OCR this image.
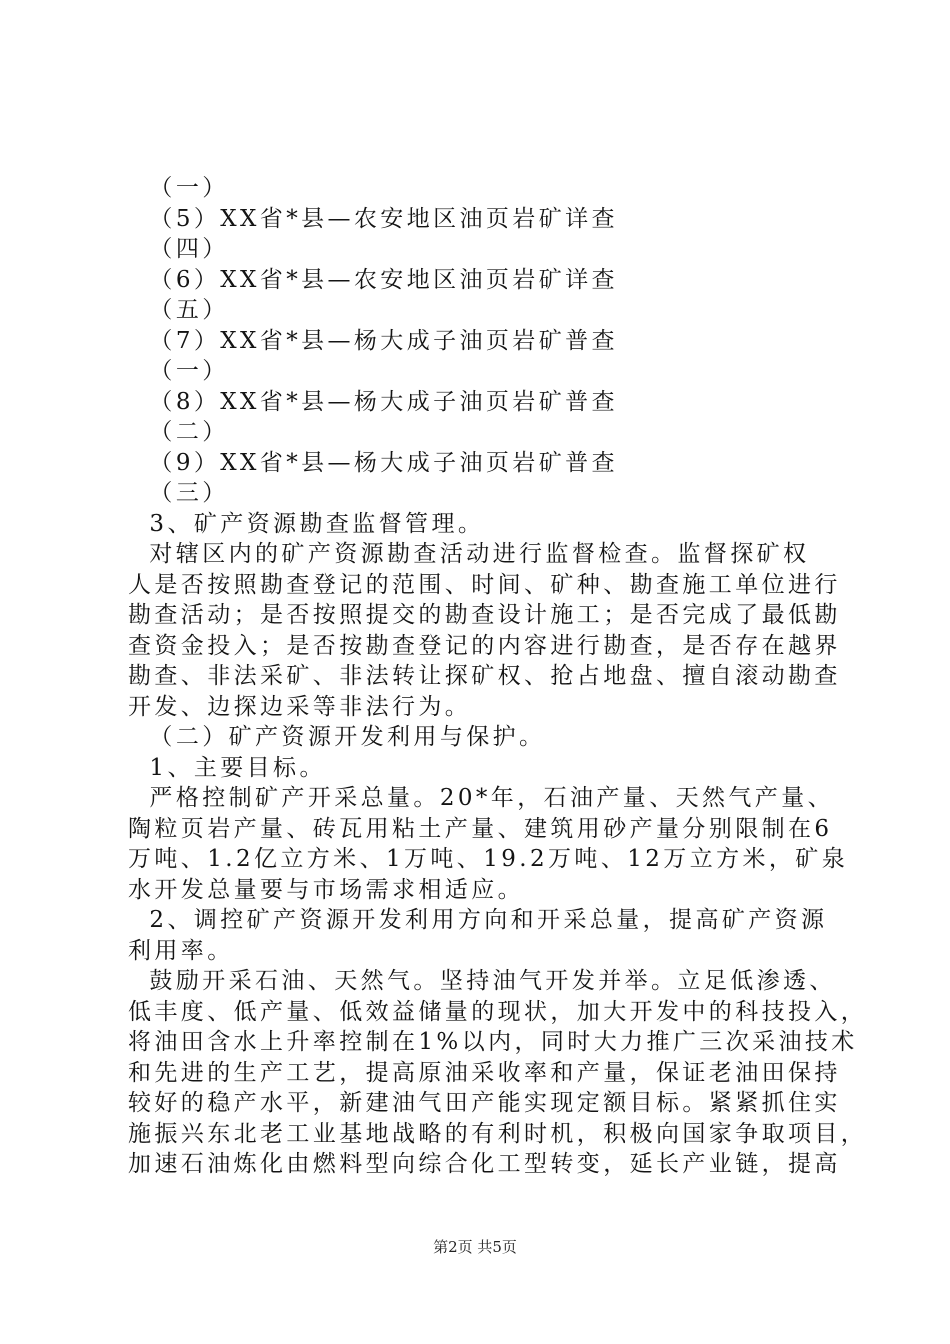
（一）
（5）XX省*县—农安地区油页岩矿详查
（四）
（6）XX省*县—农安地区油页岩矿详查
（五）
（7）XX省*县—杨大成子油页岩矿普查
（一）
（8）XX省*县—杨大成子油页岩矿普查
（二）
（9）XX省*县—杨大成子油页岩矿普查
（三）
3、矿产资源勘查监督管理。
对辖区内的矿产资源勘查活动进行监督检查。监督探矿权
人是否按照勘查登记的范围、时间、矿种、勘查施工单位进行
勘查活动；是否按照提交的勘查设计施工；是否完成了最低勘
查资金投入；是否按勘查登记的内容进行勘查，是否存在越界
勘查、非法采矿、非法转让探矿权、抢占地盘、擅自滚动勘查
开发、边探边采等非法行为。
（二）矿产资源开发利用与保护。
1、主要目标。
严格控制矿产开采总量。20*年，石油产量、天然气产量、
陶粒页岩产量、砖瓦用粘土产量、建筑用砂产量分别限制在6
万吨、1.2亿立方米、1万吨、19.2万吨、12万立方米，矿泉
水开发总量要与市场需求相适应。
2、调控矿产资源开发利用方向和开采总量，提高矿产资源
利用率。
鼓励开采石油、天然气。坚持油气开发并举。立足低渗透、
低丰度、低产量、低效益储量的现状，加大开发中的科技投入，
将油田含水上升率控制在1%以内，同时大力推广三次采油技术
和先进的生产工艺，提高原油采收率和产量，保证老油田保持
较好的稳产水平，新建油气田产能实现定额目标。紧紧抓住实
施振兴东北老工业基地战略的有利时机，积极向国家争取项目，
加速石油炼化由燃料型向综合化工型转变，延长产业链，提高
第2页 共5页
